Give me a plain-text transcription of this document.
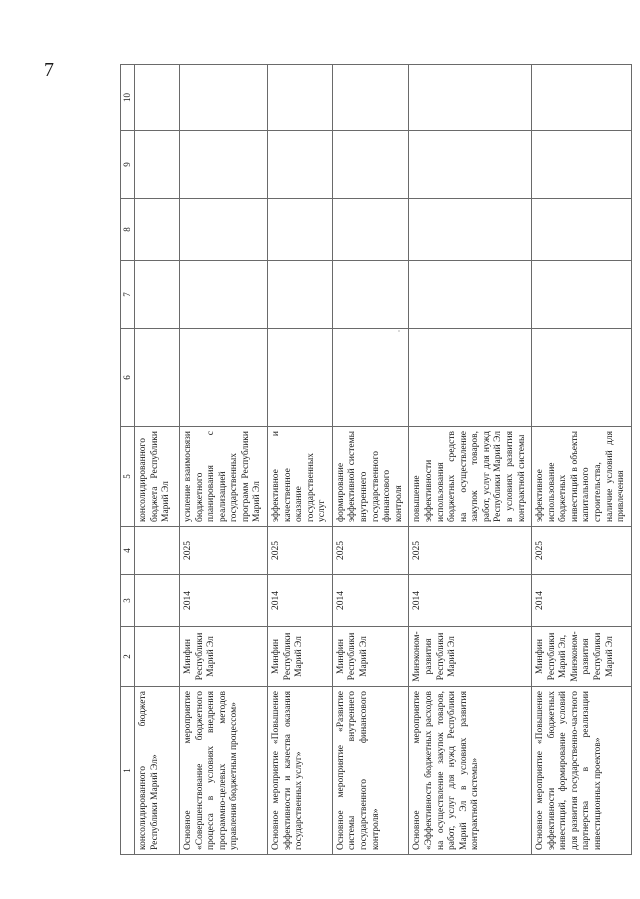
7
1	2	3	4	5	6	7	8	9	10
консолидированного бюджета Республики Марий Эл»				консолидированного бюджета Республики Марий Эл					
Основное мероприятие «Совершенствование бюджетного процесса в условиях внедрения программно-целевых методов управления бюджетным процессом»	Минфин Республики Марий Эл	2014	2025	усиление взаимосвязи бюджетного планирования с реализацией государственных программ Республики Марий Эл					
Основное мероприятие «Повышение эффективности и качества оказания государственных услуг»	Минфин Республики Марий Эл	2014	2025	эффективное и качественное оказание государственных услуг					
Основное мероприятие «Развитие системы внутреннего государственного финансового контроля»	Минфин Республики Марий Эл	2014	2025	формирование эффективной системы внутреннего государственного финансового контроля					
Основное мероприятие «Эффективность бюджетных расходов на осуществление закупок товаров, работ, услуг для нужд Республики Марий Эл в условиях развития контрактной системы»	Минэконом-развития Республики Марий Эл	2014	2025	повышение эффективности использования бюджетных средств на осуществление закупок товаров, работ, услуг для нужд Республики Марий Эл в условиях развития контрактной системы					
Основное мероприятие «Повышение эффективности бюджетных инвестиций, формирование условий для развития государственно-частного партнерства в реализации инвестиционных проектов»	Минфин Республики Марий Эл, Минэконом-развития Республики Марий Эл	2014	2025	эффективное использование бюджетных инвестиций в объекты капитального строительства, наличие условий для привлечения					
